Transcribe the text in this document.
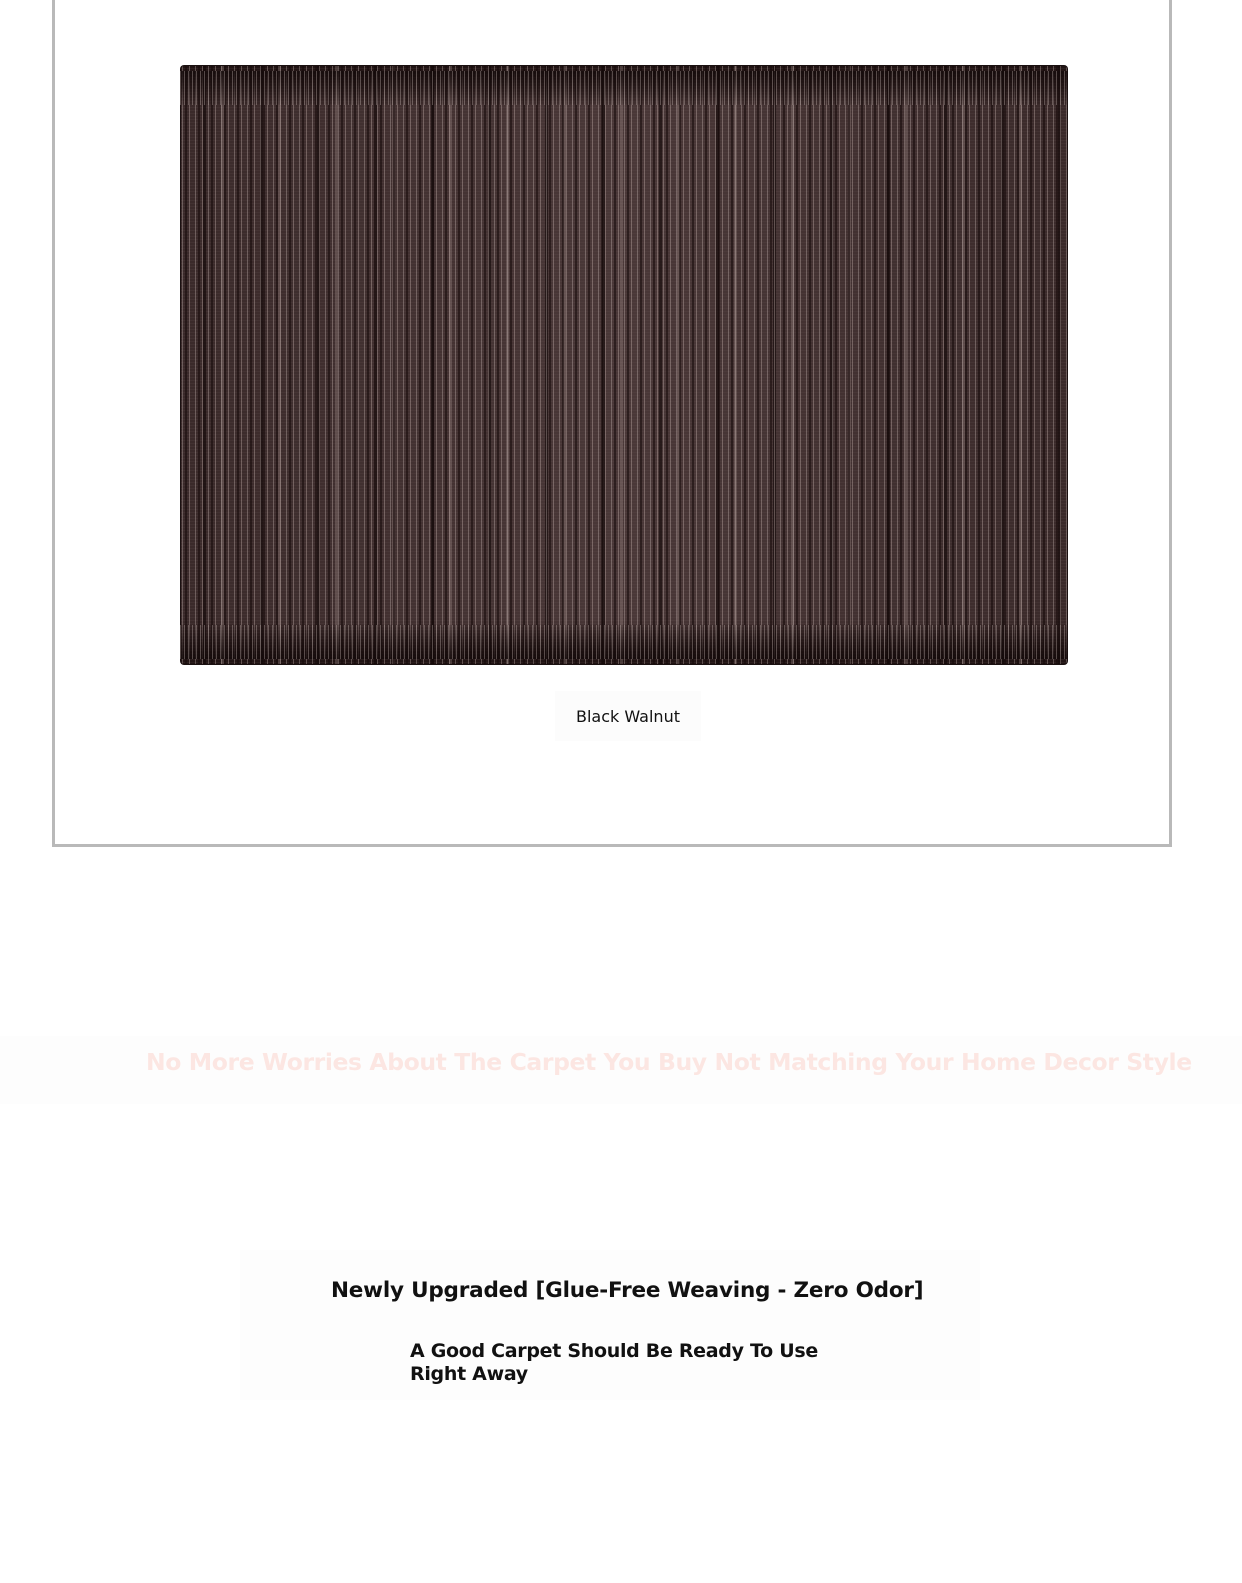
Black Walnut
No More Worries About The Carpet You Buy Not Matching Your Home Decor Style
Newly Upgraded [Glue-Free Weaving - Zero Odor]
A Good Carpet Should Be Ready To Use Right Away
